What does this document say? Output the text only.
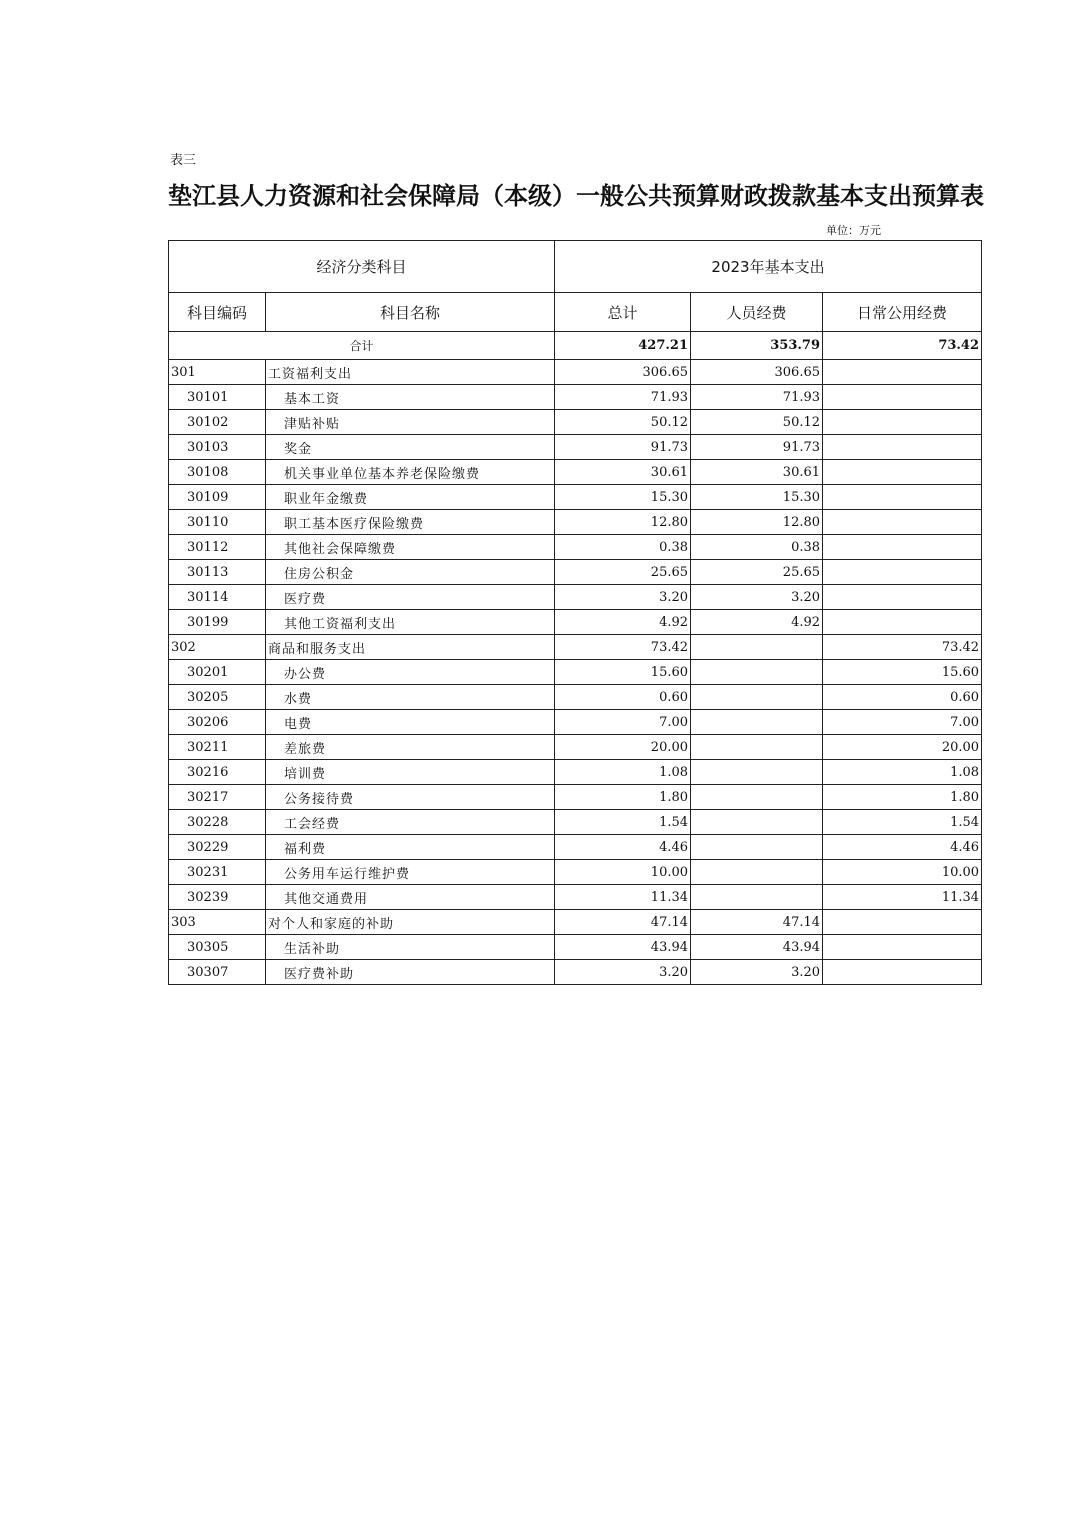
表三
垫江县人力资源和社会保障局（本级）一般公共预算财政拨款基本支出预算表
单位：万元
经济分类科目		2023年基本支出		
科目编码	科目名称	总计	人员经费	日常公用经费
合计		427.21	353.79	73.42
301	工资福利支出	306.65	306.65	
30101	基本工资	71.93	71.93	
30102	津贴补贴	50.12	50.12	
30103	奖金	91.73	91.73	
30108	机关事业单位基本养老保险缴费	30.61	30.61	
30109	职业年金缴费	15.30	15.30	
30110	职工基本医疗保险缴费	12.80	12.80	
30112	其他社会保障缴费	0.38	0.38	
30113	住房公积金	25.65	25.65	
30114	医疗费	3.20	3.20	
30199	其他工资福利支出	4.92	4.92	
302	商品和服务支出	73.42		73.42
30201	办公费	15.60		15.60
30205	水费	0.60		0.60
30206	电费	7.00		7.00
30211	差旅费	20.00		20.00
30216	培训费	1.08		1.08
30217	公务接待费	1.80		1.80
30228	工会经费	1.54		1.54
30229	福利费	4.46		4.46
30231	公务用车运行维护费	10.00		10.00
30239	其他交通费用	11.34		11.34
303	对个人和家庭的补助	47.14	47.14	
30305	生活补助	43.94	43.94	
30307	医疗费补助	3.20	3.20	
